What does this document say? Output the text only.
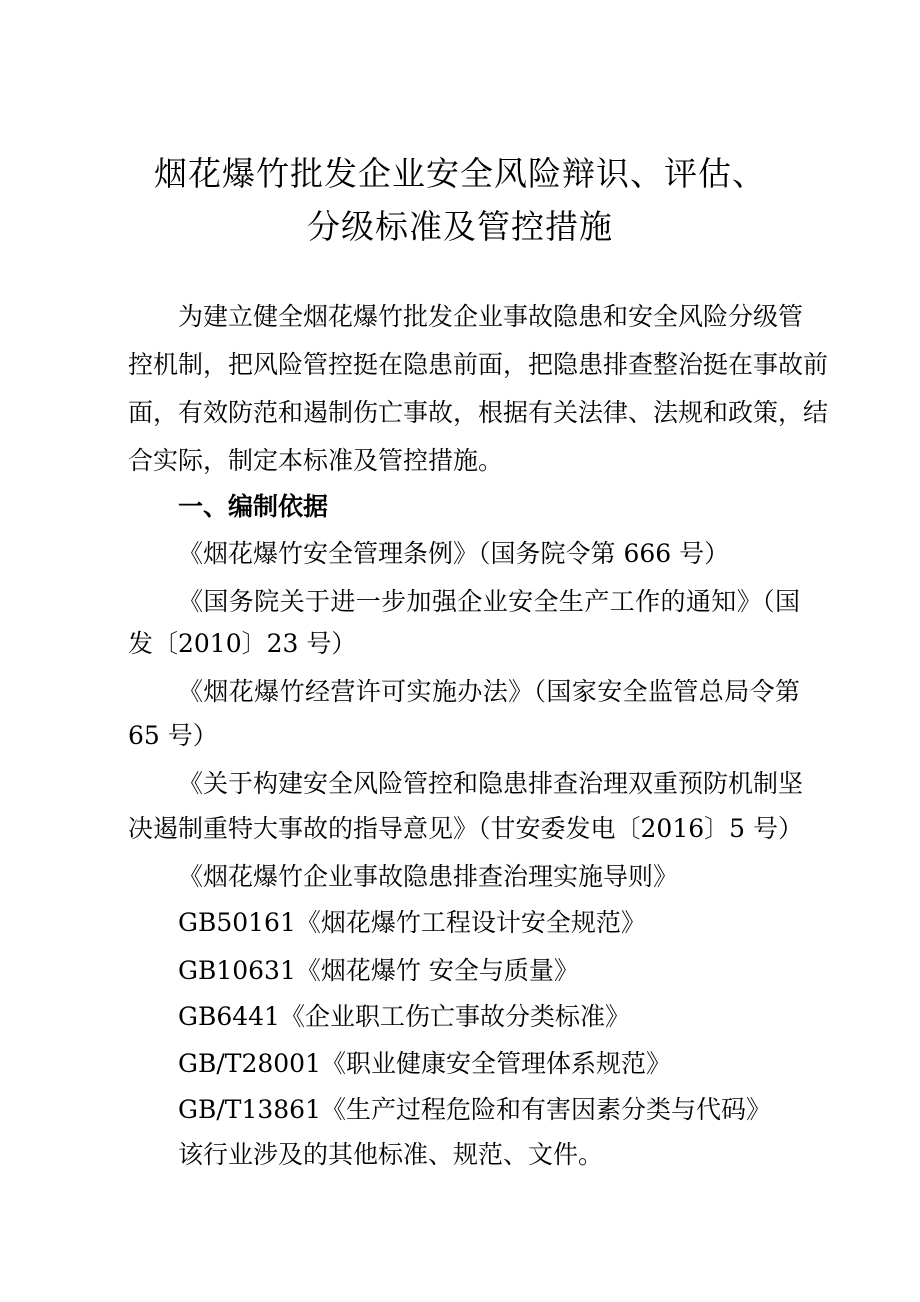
烟花爆竹批发企业安全风险辩识、评估、
分级标准及管控措施
为建立健全烟花爆竹批发企业事故隐患和安全风险分级管
控机制，把风险管控挺在隐患前面，把隐患排查整治挺在事故前
面，有效防范和遏制伤亡事故，根据有关法律、法规和政策，结
合实际，制定本标准及管控措施。
一、编制依据
《烟花爆竹安全管理条例》（国务院令第 666 号）
《国务院关于进一步加强企业安全生产工作的通知》（国
发〔2010〕23 号）
《烟花爆竹经营许可实施办法》（国家安全监管总局令第
65 号）
《关于构建安全风险管控和隐患排查治理双重预防机制坚
决遏制重特大事故的指导意见》（甘安委发电〔2016〕5 号）
《烟花爆竹企业事故隐患排查治理实施导则》
GB50161《烟花爆竹工程设计安全规范》
GB10631《烟花爆竹 安全与质量》
GB6441《企业职工伤亡事故分类标准》
GB/T28001《职业健康安全管理体系规范》
GB/T13861《生产过程危险和有害因素分类与代码》
该行业涉及的其他标准、规范、文件。
